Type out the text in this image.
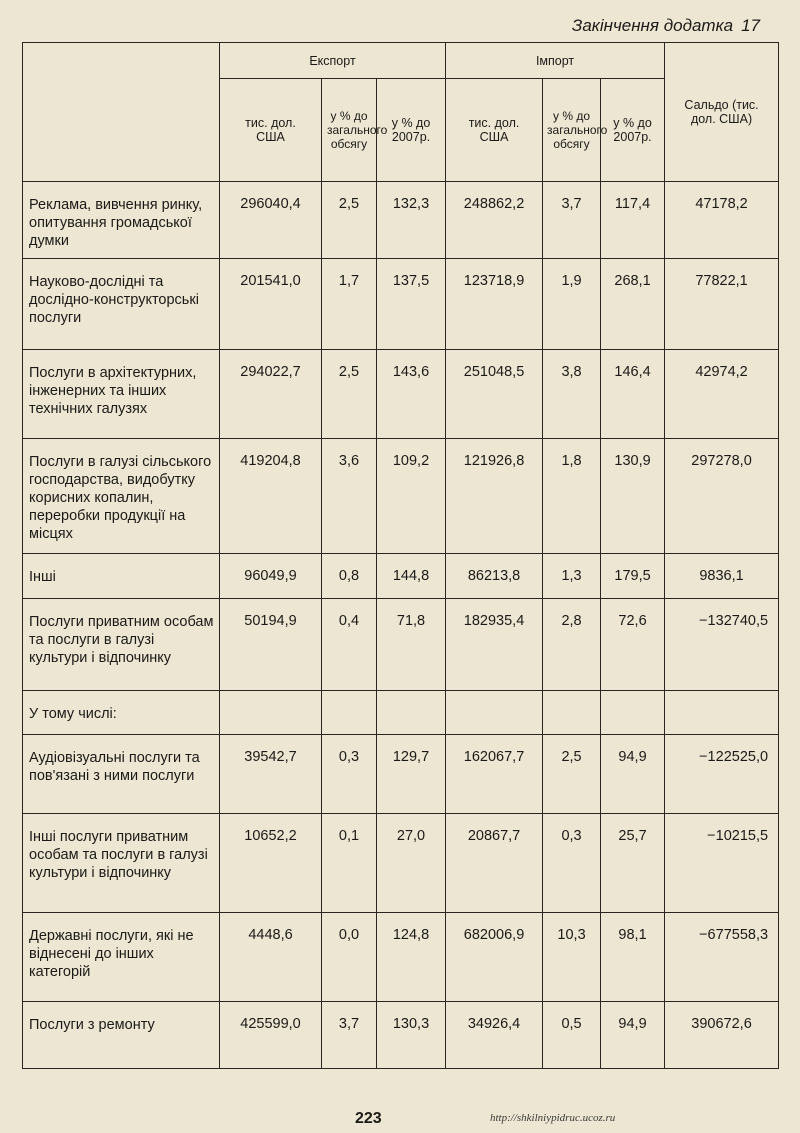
Закінчення додатка 17
	Експорт			Імпорт			Сальдо (тис. дол. США)
	тис. дол. США	у % до загального обсягу	у % до 2007р.	тис. дол. США	у % до загального обсягу	у % до 2007р.	
Реклама, вивчення ринку, опитування громадської думки	296040,4	2,5	132,3	248862,2	3,7	117,4	47178,2
Науково-дослідні та дослідно-конструкторські послуги	201541,0	1,7	137,5	123718,9	1,9	268,1	77822,1
Послуги в архітектурних, інженерних та інших технічних галузях	294022,7	2,5	143,6	251048,5	3,8	146,4	42974,2
Послуги в галузі сільського господарства, видобутку корисних копалин, переробки продукції на місцях	419204,8	3,6	109,2	121926,8	1,8	130,9	297278,0
Інші	96049,9	0,8	144,8	86213,8	1,3	179,5	9836,1
Послуги приватним особам та послуги в галузі культури і відпочинку	50194,9	0,4	71,8	182935,4	2,8	72,6	−132740,5
У тому числі:							
Аудіовізуальні послуги та пов'язані з ними послуги	39542,7	0,3	129,7	162067,7	2,5	94,9	−122525,0
Інші послуги приватним особам та послуги в галузі культури і відпочинку	10652,2	0,1	27,0	20867,7	0,3	25,7	−10215,5
Державні послуги, які не віднесені до інших категорій	4448,6	0,0	124,8	682006,9	10,3	98,1	−677558,3
Послуги з ремонту	425599,0	3,7	130,3	34926,4	0,5	94,9	390672,6
223	http://shkilniypidruc.ucoz.ru
